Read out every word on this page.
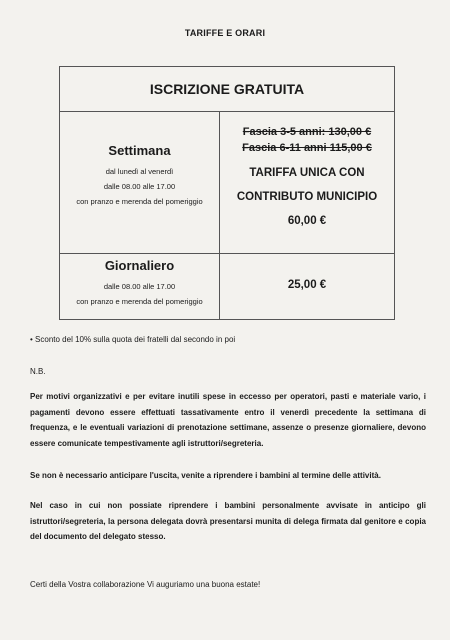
TARIFFE E ORARI
ISCRIZIONE GRATUITA
Settimana
dal lunedì al venerdì
dalle 08.00 alle 17.00
con pranzo e merenda del pomeriggio
Fascia 3-5 anni: 130,00 €
Fascia 6-11 anni 115,00 €
TARIFFA UNICA CON
CONTRIBUTO MUNICIPIO
60,00 €
Giornaliero
dalle 08.00 alle 17.00
con pranzo e merenda del pomeriggio
25,00 €
• Sconto del 10% sulla quota dei fratelli dal secondo in poi
N.B.
Per motivi organizzativi e per evitare inutili spese in eccesso per operatori, pasti e materiale vario, i pagamenti devono essere effettuati tassativamente entro il venerdì precedente la settimana di frequenza, e le eventuali variazioni di prenotazione settimane, assenze o presenze giornaliere, devono essere comunicate tempestivamente agli istruttori/segreteria.
Se non è necessario anticipare l'uscita, venite a riprendere i bambini al termine delle attività.
Nel caso in cui non possiate riprendere i bambini personalmente avvisate in anticipo gli istruttori/segreteria, la persona delegata dovrà presentarsi munita di delega firmata dal genitore e copia del documento del delegato stesso.
Certi della Vostra collaborazione Vi auguriamo una buona estate!
